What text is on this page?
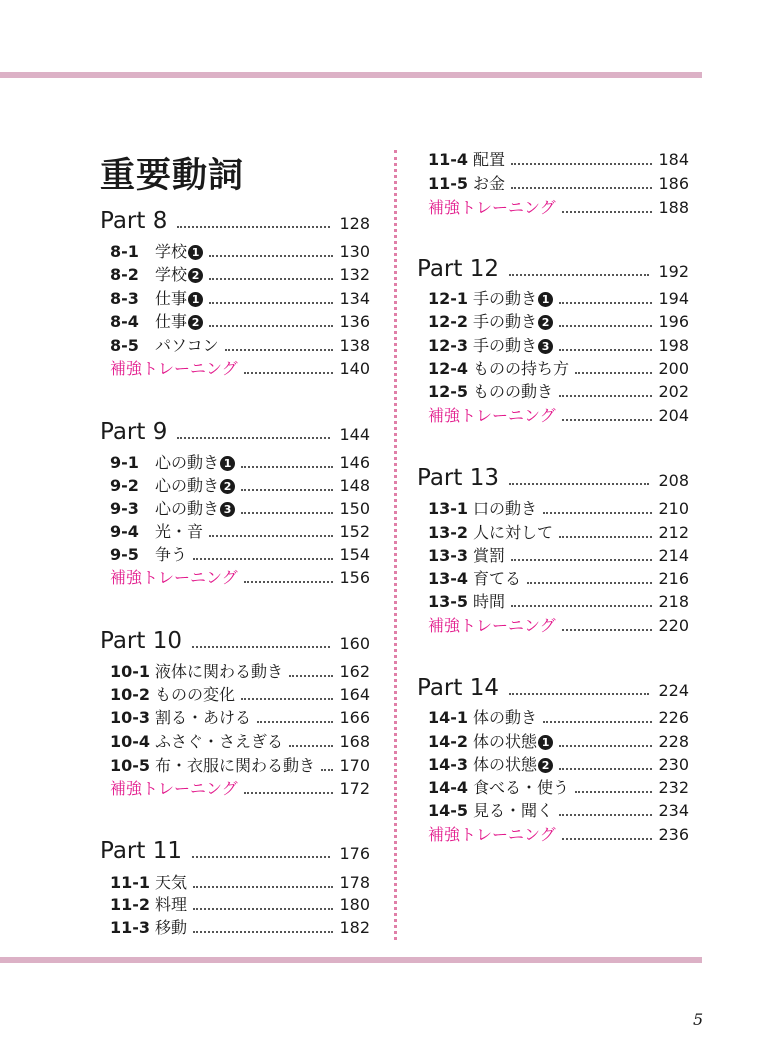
重要動詞
Part 8	128
8-1	学校 1	130
8-2	学校 2	132
8-3	仕事 1	134
8-4	仕事 2	136
8-5	パソコン	138
補強トレーニング	140
Part 9	144
9-1	心の動き 1	146
9-2	心の動き 2	148
9-3	心の動き 3	150
9-4	光・音	152
9-5	争う	154
補強トレーニング	156
Part 10	160
10-1 液体に関わる動き	162
10-2 ものの変化	164
10-3 割る・あける	166
10-4 ふさぐ・さえぎる	168
10-5 布・衣服に関わる動き 170
補強トレーニング	172
Part 11	176
11-1 天気	178
11-2 料理	180
11-3 移動	182
11-4 配置	184
11-5 お金	186
補強トレーニング	188
Part 12	192
12-1 手の動き 1	194
12-2 手の動き 2	196
12-3 手の動き 3	198
12-4 ものの持ち方	200
12-5 ものの動き	202
補強トレーニング	204
Part 13	208
13-1 口の動き	210
13-2 人に対して	212
13-3 賞罰	214
13-4 育てる	216
13-5 時間	218
補強トレーニング	220
Part 14	224
14-1 体の動き	226
14-2 体の状態 1	228
14-3 体の状態 2	230
14-4 食べる・使う	232
14-5 見る・聞く	234
補強トレーニング	236
5
